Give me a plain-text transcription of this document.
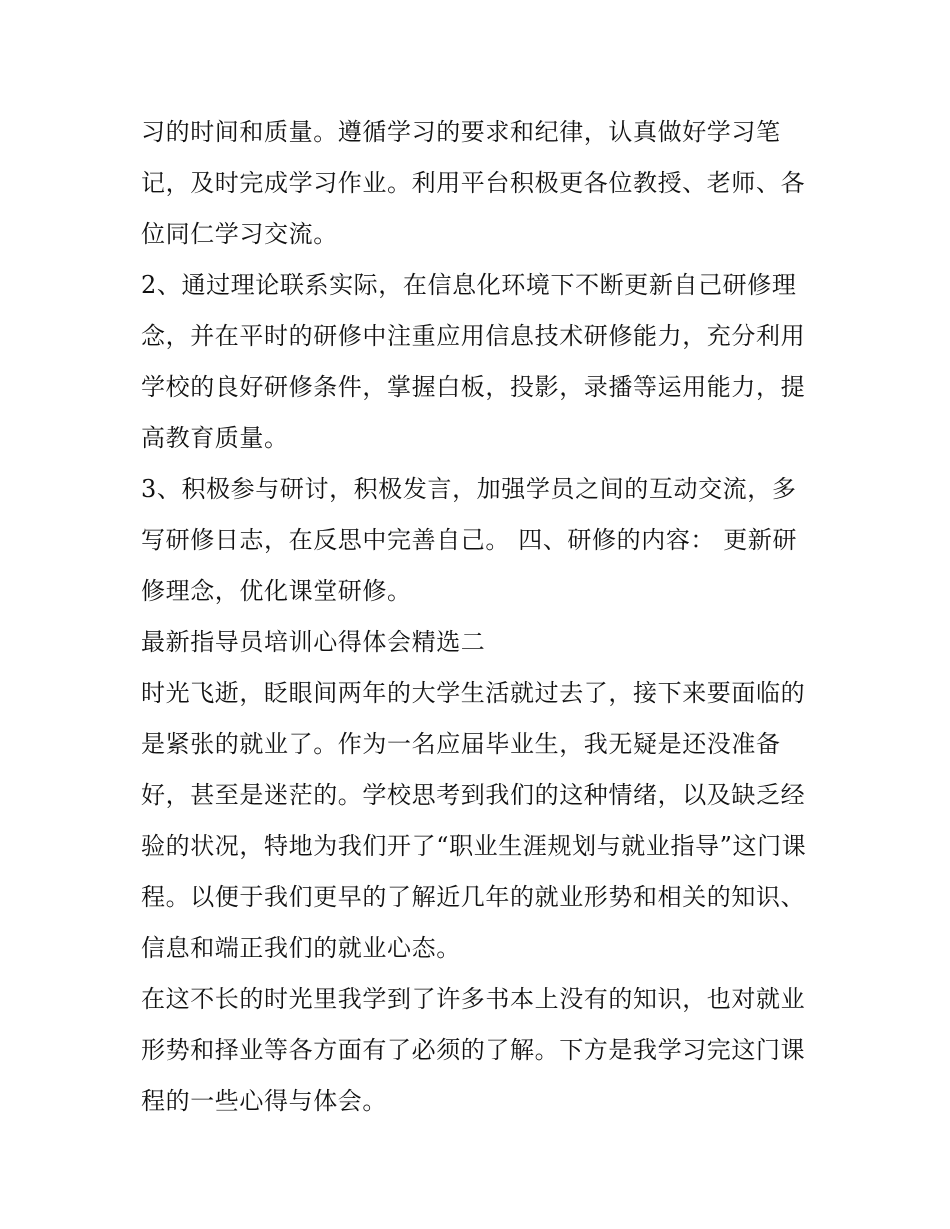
习的时间和质量。遵循学习的要求和纪律，认真做好学习笔
记，及时完成学习作业。利用平台积极更各位教授、老师、各
位同仁学习交流。
2、通过理论联系实际，在信息化环境下不断更新自己研修理
念，并在平时的研修中注重应用信息技术研修能力，充分利用
学校的良好研修条件，掌握白板，投影，录播等运用能力，提
高教育质量。
3、积极参与研讨，积极发言，加强学员之间的互动交流，多
写研修日志，在反思中完善自己。 四、研修的内容： 更新研
修理念，优化课堂研修。
最新指导员培训心得体会精选二
时光飞逝，眨眼间两年的大学生活就过去了，接下来要面临的
是紧张的就业了。作为一名应届毕业生，我无疑是还没准备
好，甚至是迷茫的。学校思考到我们的这种情绪，以及缺乏经
验的状况，特地为我们开了“职业生涯规划与就业指导”这门课
程。以便于我们更早的了解近几年的就业形势和相关的知识、
信息和端正我们的就业心态。
在这不长的时光里我学到了许多书本上没有的知识，也对就业
形势和择业等各方面有了必须的了解。下方是我学习完这门课
程的一些心得与体会。
